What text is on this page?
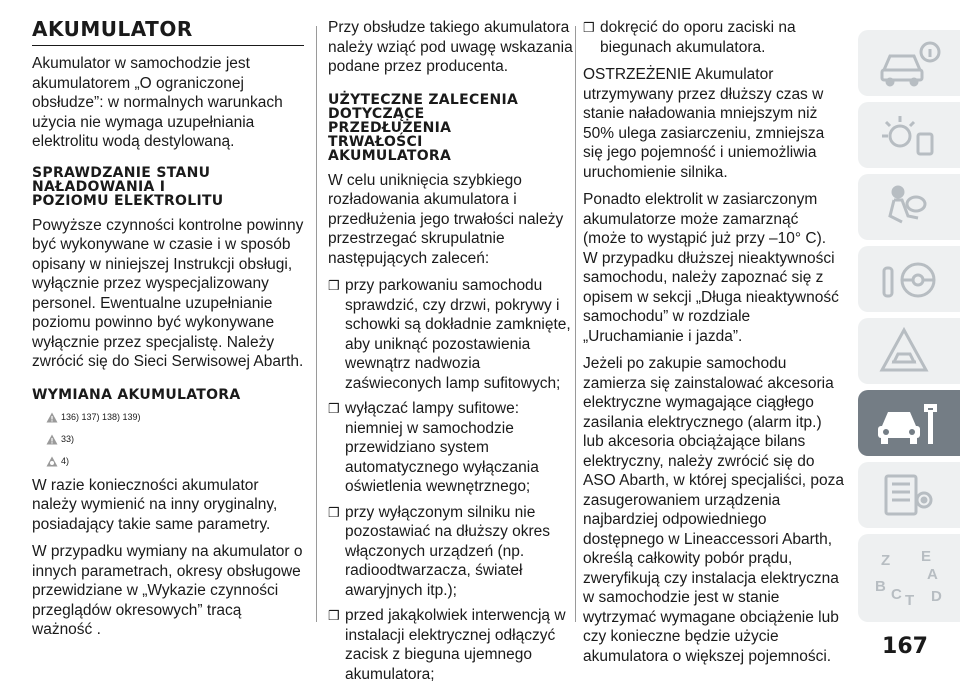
AKUMULATOR

Akumulator w samochodzie jest akumulatorem „O ograniczonej obsłudze”: w normalnych warunkach użycia nie wymaga uzupełniania elektrolitu wodą destylowaną.

SPRAWDZANIE STANU
NAŁADOWANIA I
POZIOMU ELEKTROLITU

Powyższe czynności kontrolne powinny być wykonywane w czasie i w sposób opisany w niniejszej Instrukcji obsługi, wyłącznie przez wyspecjalizowany personel. Ewentualne uzupełnianie poziomu powinno być wykonywane wyłącznie przez specjalistę. Należy zwrócić się do Sieci Serwisowej Abarth.

WYMIANA AKUMULATORA
136) 137) 138) 139)
33)
4)

W razie konieczności akumulator należy wymienić na inny oryginalny, posiadający takie same parametry.

W przypadku wymiany na akumulator o innych parametrach, okresy obsługowe przewidziane w „Wykazie czynności przeglądów okresowych” tracą ważność .

Przy obsłudze takiego akumulatora należy wziąć pod uwagę wskazania podane przez producenta.

UŻYTECZNE ZALECENIA
DOTYCZĄCE
PRZEDŁUŻENIA
TRWAŁOŚCI
AKUMULATORA

W celu uniknięcia szybkiego rozładowania akumulatora i przedłużenia jego trwałości należy przestrzegać skrupulatnie następujących zaleceń:

❒ przy parkowaniu samochodu sprawdzić, czy drzwi, pokrywy i schowki są dokładnie zamknięte, aby uniknąć pozostawienia wewnątrz nadwozia zaświeconych lamp sufitowych;
❒ wyłączać lampy sufitowe: niemniej w samochodzie przewidziano system automatycznego wyłączania oświetlenia wewnętrznego;
❒ przy wyłączonym silniku nie pozostawiać na dłuższy okres włączonych urządzeń (np. radioodtwarzacza, świateł awaryjnych itp.);
❒ przed jakąkolwiek interwencją w instalacji elektrycznej odłączyć zacisk z bieguna ujemnego akumulatora;
❒ dokręcić do oporu zaciski na biegunach akumulatora.

OSTRZEŻENIE Akumulator utrzymywany przez dłuższy czas w stanie naładowania mniejszym niż 50% ulega zasiarczeniu, zmniejsza się jego pojemność i uniemożliwia uruchomienie silnika.

Ponadto elektrolit w zasiarczonym akumulatorze może zamarznąć (może to wystąpić już przy –10° C). W przypadku dłuższej nieaktywności samochodu, należy zapoznać się z opisem w sekcji „Długa nieaktywność samochodu” w rozdziale „Uruchamianie i jazda”.

Jeżeli po zakupie samochodu zamierza się zainstalować akcesoria elektryczne wymagające ciągłego zasilania elektrycznego (alarm itp.) lub akcesoria obciążające bilans elektryczny, należy zwrócić się do ASO Abarth, w której specjaliści, poza zasugerowaniem urządzenia najbardziej odpowiedniego dostępnego w Lineaccessori Abarth, określą całkowity pobór prądu, zweryfikują czy instalacja elektryczna w samochodzie jest w stanie wytrzymać wymagane obciążenie lub czy konieczne będzie użycie akumulatora o większej pojemności.

Z E
A
B C T D
167
